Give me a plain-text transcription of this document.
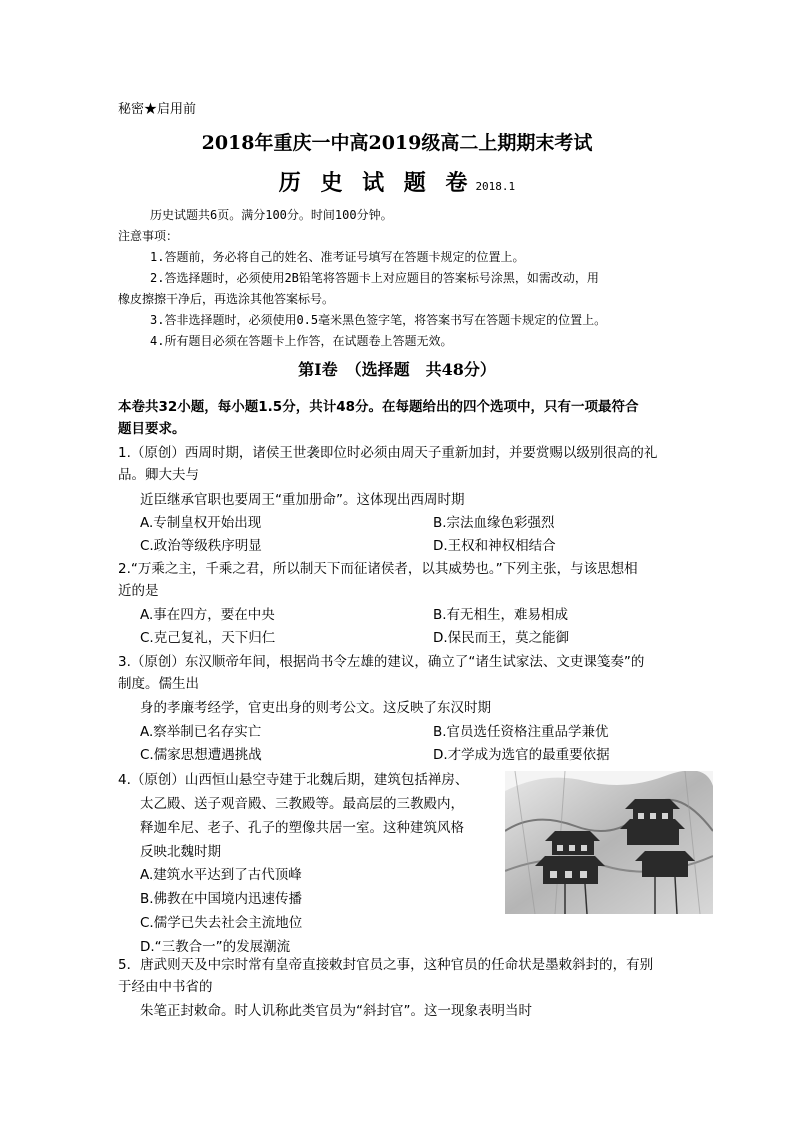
秘密★启用前
2018年重庆一中高2019级高二上期期末考试
历 史 试 题 卷 2018.1
历史试题共6页。满分100分。时间100分钟。
注意事项：
1.答题前，务必将自己的姓名、准考证号填写在答题卡规定的位置上。
2.答选择题时，必须使用2B铅笔将答题卡上对应题目的答案标号涂黑，如需改动，用
橡皮擦擦干净后，再选涂其他答案标号。
3.答非选择题时，必须使用0.5毫米黑色签字笔，将答案书写在答题卡规定的位置上。
4.所有题目必须在答题卡上作答，在试题卷上答题无效。
第Ⅰ卷　（选择题　共48分）
本卷共32小题，每小题1.5分，共计48分。在每题给出的四个选项中，只有一项最符合
题目要求。
1.（原创）西周时期，诸侯王世袭即位时必须由周天子重新加封，并要赏赐以级别很高的礼
品。卿大夫与
近臣继承官职也要周王“重加册命”。这体现出西周时期
A.专制皇权开始出现	B.宗法血缘色彩强烈
C.政治等级秩序明显	D.王权和神权相结合
2.“万乘之主，千乘之君，所以制天下而征诸侯者，以其威势也。”下列主张，与该思想相
近的是
A.事在四方，要在中央	B.有无相生，难易相成
C.克己复礼，天下归仁	D.保民而王，莫之能御
3.（原创）东汉顺帝年间，根据尚书令左雄的建议，确立了“诸生试家法、文吏课笺奏”的
制度。儒生出
身的孝廉考经学，官吏出身的则考公文。这反映了东汉时期
A.察举制已名存实亡	B.官员选任资格注重品学兼优
C.儒家思想遭遇挑战	D.才学成为选官的最重要依据
4.（原创）山西恒山悬空寺建于北魏后期，建筑包括禅房、
太乙殿、送子观音殿、三教殿等。最高层的三教殿内，
释迦牟尼、老子、孔子的塑像共居一室。这种建筑风格
反映北魏时期
A.建筑水平达到了古代顶峰
B.佛教在中国境内迅速传播
C.儒学已失去社会主流地位
D.“三教合一”的发展潮流
5．唐武则天及中宗时常有皇帝直接敕封官员之事，这种官员的任命状是墨敕斜封的，有别
于经由中书省的
朱笔正封敕命。时人讥称此类官员为“斜封官”。这一现象表明当时
